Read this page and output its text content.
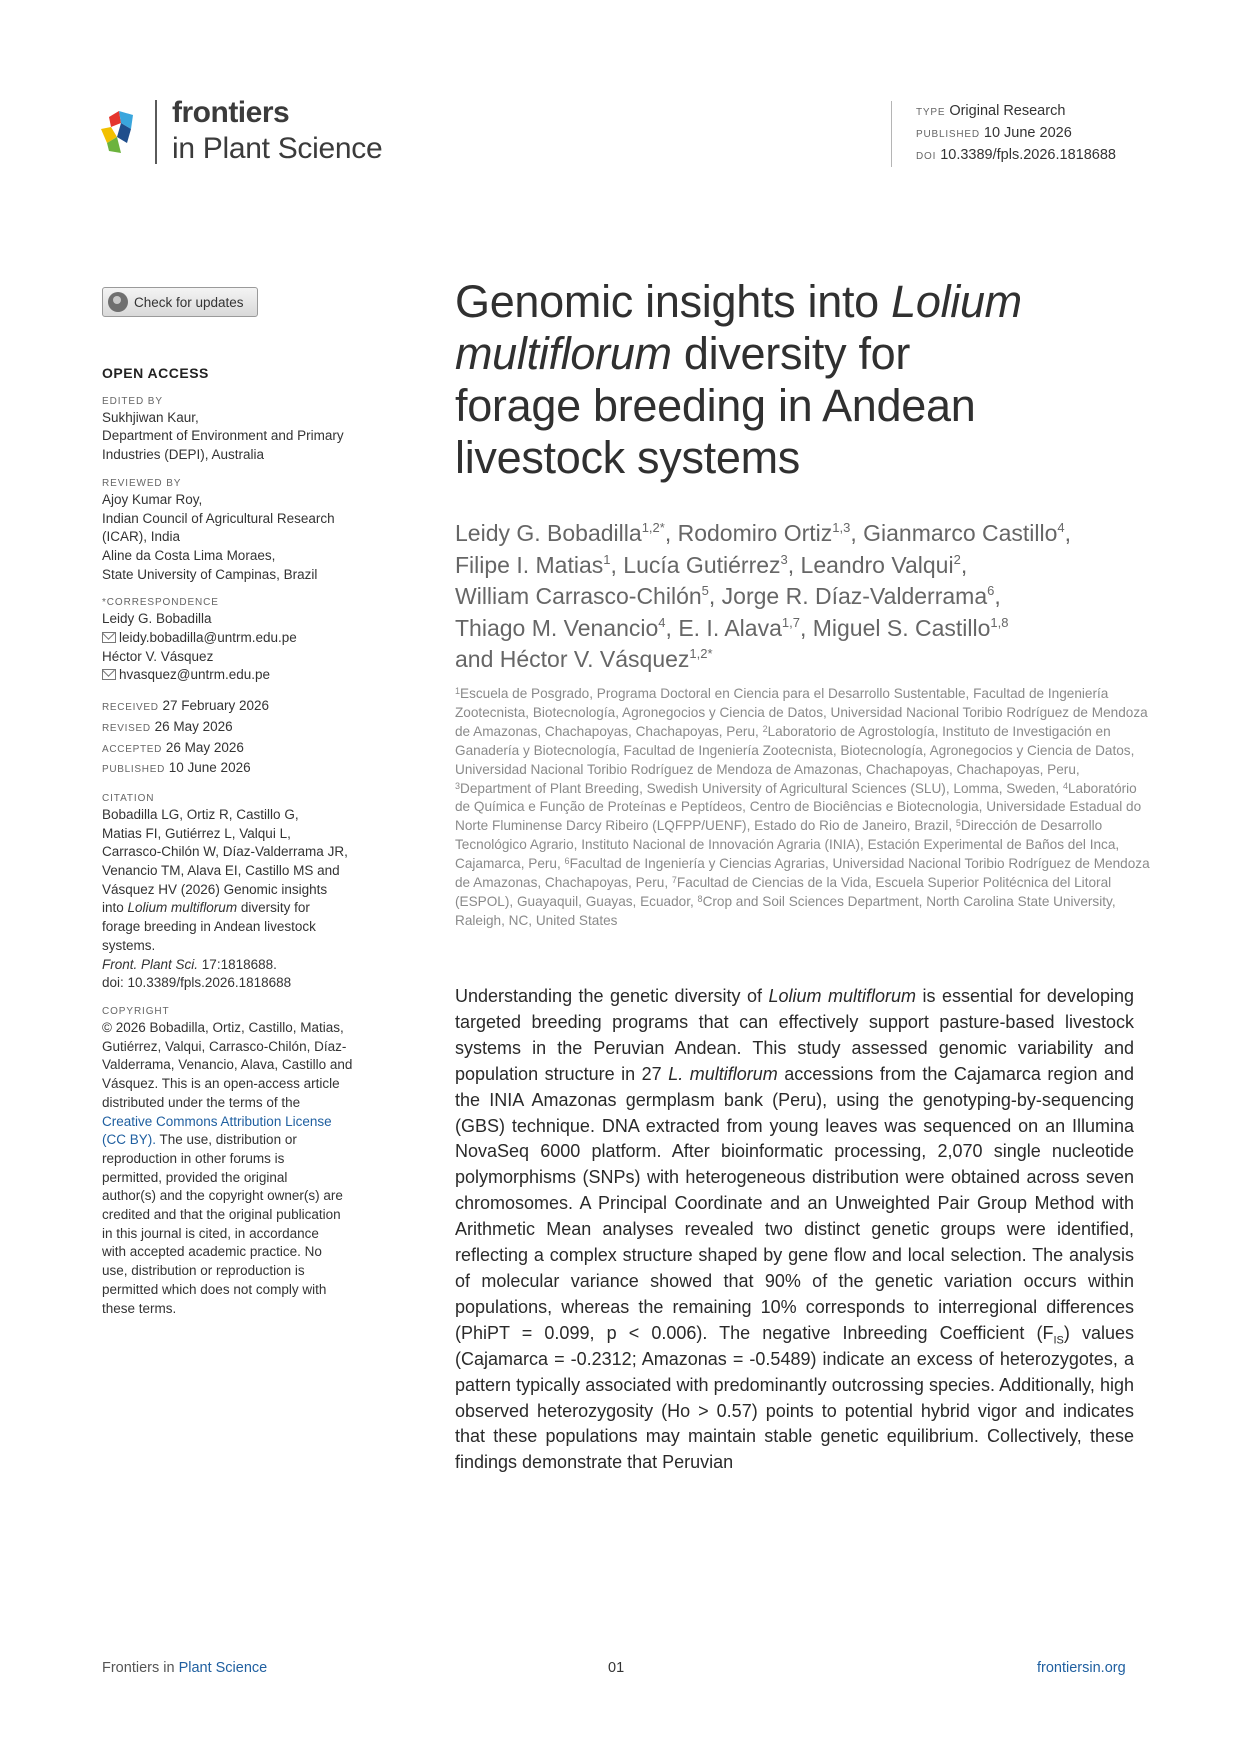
frontiers
in Plant Science
TYPE Original Research
PUBLISHED 10 June 2026
DOI 10.3389/fpls.2026.1818688
Check for updates
OPEN ACCESS
EDITED BY
Sukhjiwan Kaur,
Department of Environment and Primary
Industries (DEPI), Australia
REVIEWED BY
Ajoy Kumar Roy,
Indian Council of Agricultural Research
(ICAR), India
Aline da Costa Lima Moraes,
State University of Campinas, Brazil
*CORRESPONDENCE
Leidy G. Bobadilla
leidy.bobadilla@untrm.edu.pe
Héctor V. Vásquez
hvasquez@untrm.edu.pe
RECEIVED 27 February 2026
REVISED 26 May 2026
ACCEPTED 26 May 2026
PUBLISHED 10 June 2026
CITATION
Bobadilla LG, Ortiz R, Castillo G,
Matias FI, Gutiérrez L, Valqui L,
Carrasco-Chilón W, Díaz-Valderrama JR,
Venancio TM, Alava EI, Castillo MS and
Vásquez HV (2026) Genomic insights
into Lolium multiflorum diversity for
forage breeding in Andean livestock
systems.
Front. Plant Sci. 17:1818688.
doi: 10.3389/fpls.2026.1818688
COPYRIGHT
© 2026 Bobadilla, Ortiz, Castillo, Matias,
Gutiérrez, Valqui, Carrasco-Chilón, Díaz-
Valderrama, Venancio, Alava, Castillo and
Vásquez. This is an open-access article
distributed under the terms of the
Creative Commons Attribution License
(CC BY). The use, distribution or
reproduction in other forums is
permitted, provided the original
author(s) and the copyright owner(s) are
credited and that the original publication
in this journal is cited, in accordance
with accepted academic practice. No
use, distribution or reproduction is
permitted which does not comply with
these terms.
Genomic insights into Lolium
multiflorum diversity for
forage breeding in Andean
livestock systems
Leidy G. Bobadilla$^{1,2*}$, Rodomiro Ortiz$^{1,3}$, Gianmarco Castillo$^4$,
Filipe I. Matias$^1$, Lucía Gutiérrez$^3$, Leandro Valqui$^2$,
William Carrasco-Chilón$^5$, Jorge R. Díaz-Valderrama$^6$,
Thiago M. Venancio$^4$, E. I. Alava$^{1,7}$, Miguel S. Castillo$^{1,8}$
and Héctor V. Vásquez$^{1,2*}$
$^1$Escuela de Posgrado, Programa Doctoral en Ciencia para el Desarrollo Sustentable, Facultad de Ingeniería Zootecnista, Biotecnología, Agronegocios y Ciencia de Datos, Universidad Nacional Toribio Rodríguez de Mendoza de Amazonas, Chachapoyas, Chachapoyas, Peru, $^2$Laboratorio de Agrostología, Instituto de Investigación en Ganadería y Biotecnología, Facultad de Ingeniería Zootecnista, Biotecnología, Agronegocios y Ciencia de Datos, Universidad Nacional Toribio Rodríguez de Mendoza de Amazonas, Chachapoyas, Chachapoyas, Peru, $^3$Department of Plant Breeding, Swedish University of Agricultural Sciences (SLU), Lomma, Sweden, $^4$Laboratório de Química e Função de Proteínas e Peptídeos, Centro de Biociências e Biotecnologia, Universidade Estadual do Norte Fluminense Darcy Ribeiro (LQFPP/UENF), Estado do Rio de Janeiro, Brazil, $^5$Dirección de Desarrollo Tecnológico Agrario, Instituto Nacional de Innovación Agraria (INIA), Estación Experimental de Baños del Inca, Cajamarca, Peru, $^6$Facultad de Ingeniería y Ciencias Agrarias, Universidad Nacional Toribio Rodríguez de Mendoza de Amazonas, Chachapoyas, Peru, $^7$Facultad de Ciencias de la Vida, Escuela Superior Politécnica del Litoral (ESPOL), Guayaquil, Guayas, Ecuador, $^8$Crop and Soil Sciences Department, North Carolina State University, Raleigh, NC, United States
Understanding the genetic diversity of Lolium multiflorum is essential for developing targeted breeding programs that can effectively support pasture-based livestock systems in the Peruvian Andean. This study assessed genomic variability and population structure in 27 L. multiflorum accessions from the Cajamarca region and the INIA Amazonas germplasm bank (Peru), using the genotyping-by-sequencing (GBS) technique. DNA extracted from young leaves was sequenced on an Illumina NovaSeq 6000 platform. After bioinformatic processing, 2,070 single nucleotide polymorphisms (SNPs) with heterogeneous distribution were obtained across seven chromosomes. A Principal Coordinate and an Unweighted Pair Group Method with Arithmetic Mean analyses revealed two distinct genetic groups were identified, reflecting a complex structure shaped by gene flow and local selection. The analysis of molecular variance showed that 90% of the genetic variation occurs within populations, whereas the remaining 10% corresponds to interregional differences (PhiPT = 0.099, p < 0.006). The negative Inbreeding Coefficient $(F_{IS})$ values (Cajamarca = -0.2312; Amazonas = -0.5489) indicate an excess of heterozygotes, a pattern typically associated with predominantly outcrossing species. Additionally, high observed heterozygosity (Ho > 0.57) points to potential hybrid vigor and indicates that these populations may maintain stable genetic equilibrium. Collectively, these findings demonstrate that Peruvian
Frontiers in Plant Science	01	frontiersin.org
